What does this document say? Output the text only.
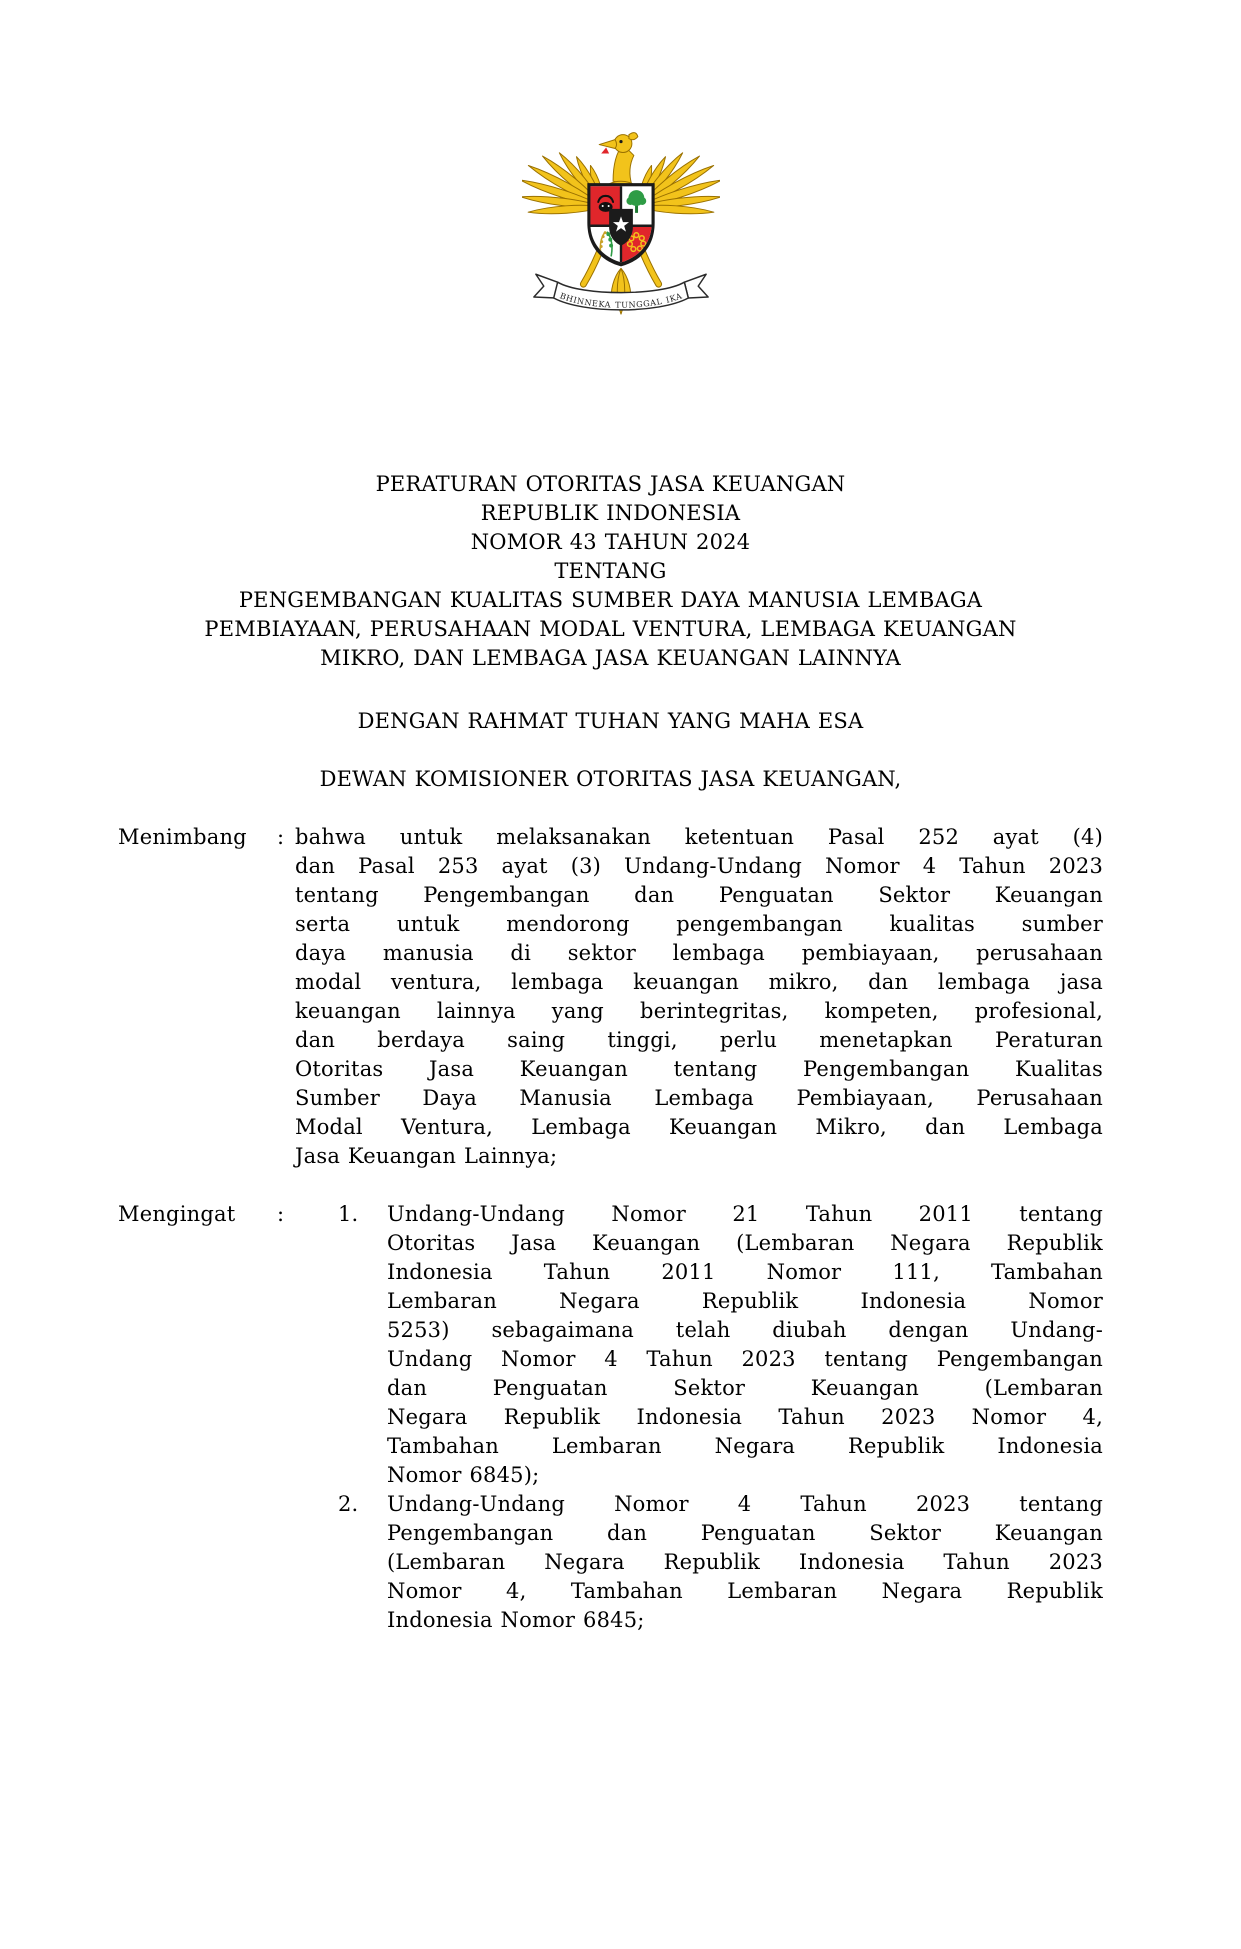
BHINNEKA TUNGGAL IKA
PERATURAN OTORITAS JASA KEUANGAN
REPUBLIK INDONESIA
NOMOR 43 TAHUN 2024
TENTANG
PENGEMBANGAN KUALITAS SUMBER DAYA MANUSIA LEMBAGA
PEMBIAYAAN, PERUSAHAAN MODAL VENTURA, LEMBAGA KEUANGAN
MIKRO, DAN LEMBAGA JASA KEUANGAN LAINNYA
DENGAN RAHMAT TUHAN YANG MAHA ESA
DEWAN KOMISIONER OTORITAS JASA KEUANGAN,
Menimbang	: bahwa untuk melaksanakan ketentuan Pasal 252 ayat (4)
dan Pasal 253 ayat (3) Undang-Undang Nomor 4 Tahun 2023
tentang Pengembangan dan Penguatan Sektor Keuangan
serta untuk mendorong pengembangan kualitas sumber
daya manusia di sektor lembaga pembiayaan, perusahaan
modal ventura, lembaga keuangan mikro, dan lembaga jasa
keuangan lainnya yang berintegritas, kompeten, profesional,
dan berdaya saing tinggi, perlu menetapkan Peraturan
Otoritas Jasa Keuangan tentang Pengembangan Kualitas
Sumber Daya Manusia Lembaga Pembiayaan, Perusahaan
Modal Ventura, Lembaga Keuangan Mikro, dan Lembaga
Jasa Keuangan Lainnya;
Mengingat	:	1.	Undang-Undang Nomor 21 Tahun 2011 tentang
Otoritas Jasa Keuangan (Lembaran Negara Republik
Indonesia Tahun 2011 Nomor 111, Tambahan
Lembaran Negara Republik Indonesia Nomor
5253) sebagaimana telah diubah dengan Undang-
Undang Nomor 4 Tahun 2023 tentang Pengembangan
dan Penguatan Sektor Keuangan (Lembaran
Negara Republik Indonesia Tahun 2023 Nomor 4,
Tambahan Lembaran Negara Republik Indonesia
Nomor 6845);
2.	Undang-Undang Nomor 4 Tahun 2023 tentang
Pengembangan dan Penguatan Sektor Keuangan
(Lembaran Negara Republik Indonesia Tahun 2023
Nomor 4, Tambahan Lembaran Negara Republik
Indonesia Nomor 6845;
